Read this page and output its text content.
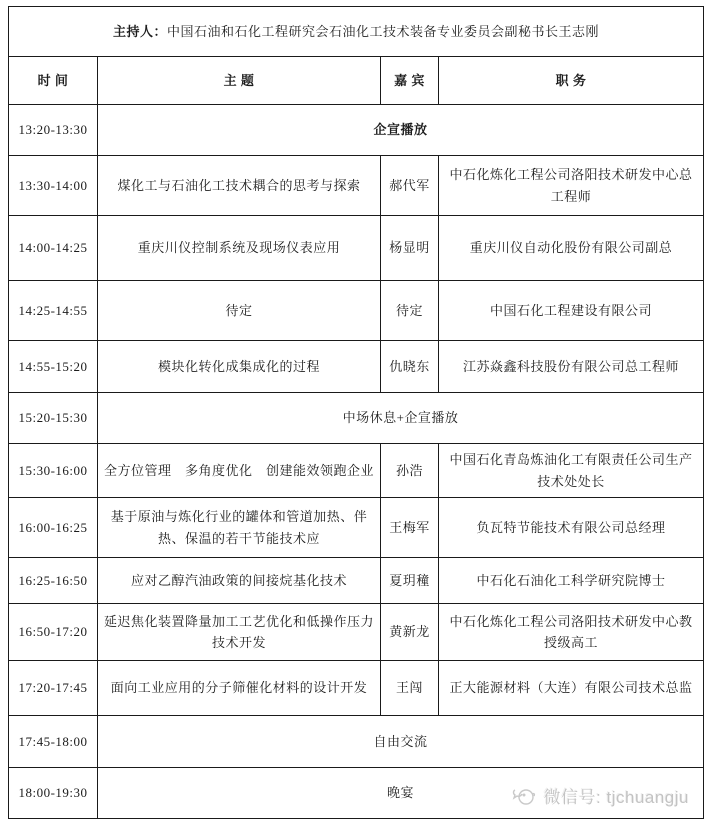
主持人：中国石油和石化工程研究会石油化工技术装备专业委员会副秘书长王志刚			
时 间	主 题	嘉 宾	职 务
13:20-13:30	企宣播放		
13:30-14:00	煤化工与石油化工技术耦合的思考与探索	郝代军	中石化炼化工程公司洛阳技术研发中心总工程师
14:00-14:25	重庆川仪控制系统及现场仪表应用	杨显明	重庆川仪自动化股份有限公司副总
14:25-14:55	待定	待定	中国石化工程建设有限公司
14:55-15:20	模块化转化成集成化的过程	仇晓东	江苏焱鑫科技股份有限公司总工程师
15:20-15:30	中场休息+企宣播放		
15:30-16:00	全方位管理　多角度优化　创建能效领跑企业	孙浩	中国石化青岛炼油化工有限责任公司生产技术处处长
16:00-16:25	基于原油与炼化行业的罐体和管道加热、伴热、保温的若干节能技术应	王梅军	负瓦特节能技术有限公司总经理
16:25-16:50	应对乙醇汽油政策的间接烷基化技术	夏玥穜	中石化石油化工科学研究院博士
16:50-17:20	延迟焦化装置降量加工工艺优化和低操作压力技术开发	黄新龙	中石化炼化工程公司洛阳技术研发中心教授级高工
17:20-17:45	面向工业应用的分子筛催化材料的设计开发	王闯	正大能源材料（大连）有限公司技术总监
17:45-18:00	自由交流		
18:00-19:30	晚宴			微信号: tjchuangju
